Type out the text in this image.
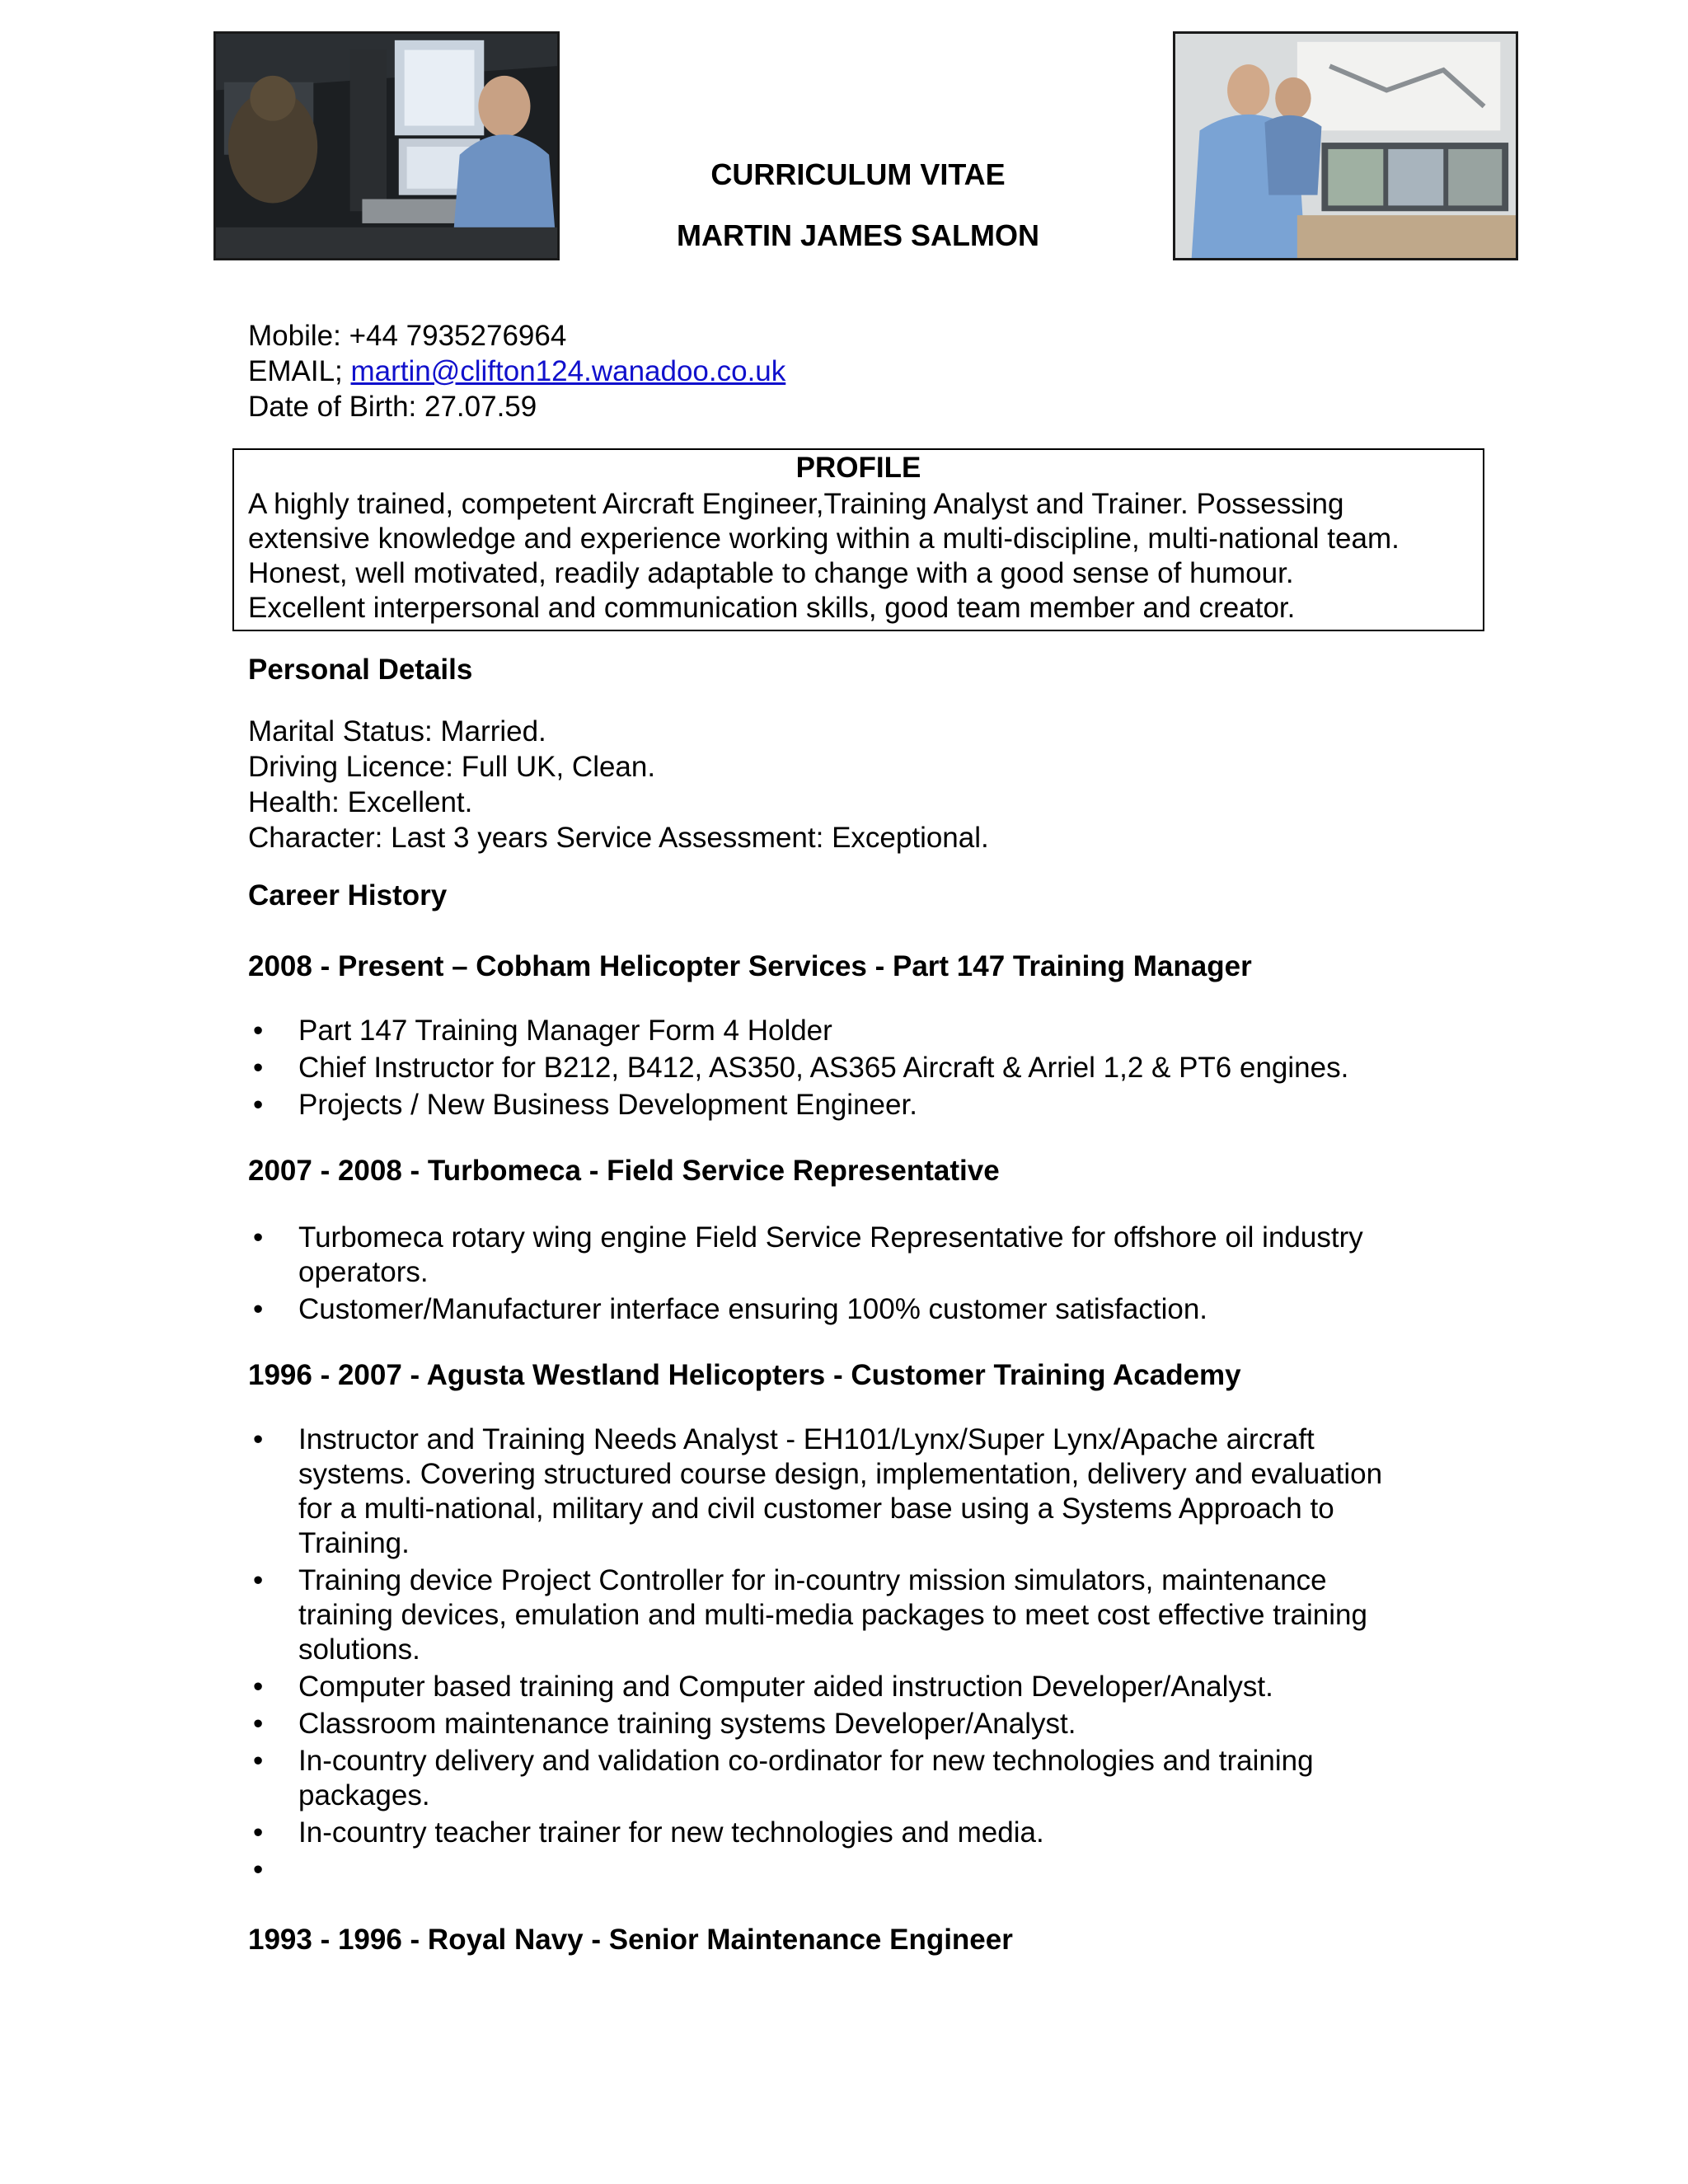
CURRICULUM VITAE
MARTIN JAMES SALMON
Mobile: +44 7935276964
EMAIL; martin@clifton124.wanadoo.co.uk
Date of Birth: 27.07.59
PROFILE
A highly trained, competent Aircraft Engineer,Training Analyst and Trainer. Possessing
extensive knowledge and experience working within a multi-discipline, multi-national team.
Honest, well motivated, readily adaptable to change with a good sense of humour.
Excellent interpersonal and communication skills, good team member and creator.
Personal Details
Marital Status: Married.
Driving Licence: Full UK, Clean.
Health: Excellent.
Character: Last 3 years Service Assessment: Exceptional.
Career History
2008 - Present – Cobham Helicopter Services - Part 147 Training Manager
• Part 147 Training Manager Form 4 Holder
• Chief Instructor for B212, B412, AS350, AS365 Aircraft & Arriel 1,2 & PT6 engines.
• Projects / New Business Development Engineer.
2007 - 2008 - Turbomeca - Field Service Representative
• Turbomeca rotary wing engine Field Service Representative for offshore oil industry
operators.
• Customer/Manufacturer interface ensuring 100% customer satisfaction.
1996 - 2007 - Agusta Westland Helicopters - Customer Training Academy
• Instructor and Training Needs Analyst - EH101/Lynx/Super Lynx/Apache aircraft
systems. Covering structured course design, implementation, delivery and evaluation
for a multi-national, military and civil customer base using a Systems Approach to
Training.
• Training device Project Controller for in-country mission simulators, maintenance
training devices, emulation and multi-media packages to meet cost effective training
solutions.
• Computer based training and Computer aided instruction Developer/Analyst.
• Classroom maintenance training systems Developer/Analyst.
• In-country delivery and validation co-ordinator for new technologies and training
packages.
• In-country teacher trainer for new technologies and media.
•

1993 - 1996 - Royal Navy - Senior Maintenance Engineer
